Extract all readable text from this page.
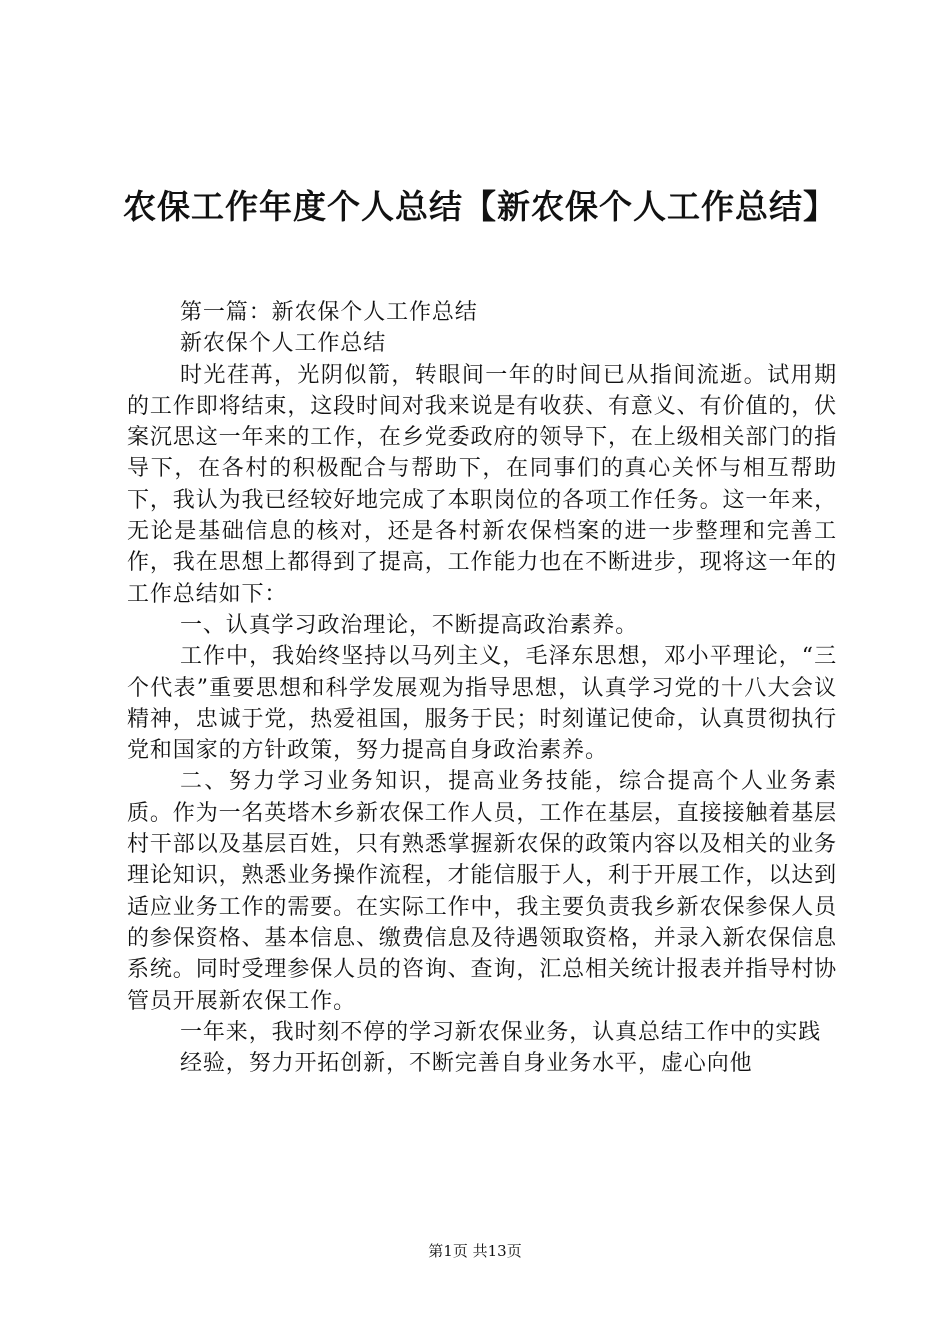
农保工作年度个人总结【新农保个人工作总结】

第一篇：新农保个人工作总结

新农保个人工作总结

时光荏苒，光阴似箭，转眼间一年的时间已从指间流逝。试用期的工作即将结束，这段时间对我来说是有收获、有意义、有价值的，伏案沉思这一年来的工作，在乡党委政府的领导下，在上级相关部门的指导下，在各村的积极配合与帮助下，在同事们的真心关怀与相互帮助下，我认为我已经较好地完成了本职岗位的各项工作任务。这一年来，无论是基础信息的核对，还是各村新农保档案的进一步整理和完善工作，我在思想上都得到了提高，工作能力也在不断进步，现将这一年的工作总结如下：

一、认真学习政治理论，不断提高政治素养。

工作中，我始终坚持以马列主义，毛泽东思想，邓小平理论，“三个代表”重要思想和科学发展观为指导思想，认真学习党的十八大会议精神，忠诚于党，热爱祖国，服务于民；时刻谨记使命，认真贯彻执行党和国家的方针政策，努力提高自身政治素养。

二、努力学习业务知识，提高业务技能，综合提高个人业务素质。作为一名英塔木乡新农保工作人员，工作在基层，直接接触着基层村干部以及基层百姓，只有熟悉掌握新农保的政策内容以及相关的业务理论知识，熟悉业务操作流程，才能信服于人，利于开展工作，以达到适应业务工作的需要。在实际工作中，我主要负责我乡新农保参保人员的参保资格、基本信息、缴费信息及待遇领取资格，并录入新农保信息系统。同时受理参保人员的咨询、查询，汇总相关统计报表并指导村协管员开展新农保工作。

一年来，我时刻不停的学习新农保业务，认真总结工作中的实践

经验，努力开拓创新，不断完善自身业务水平，虚心向他

第1页 共13页
